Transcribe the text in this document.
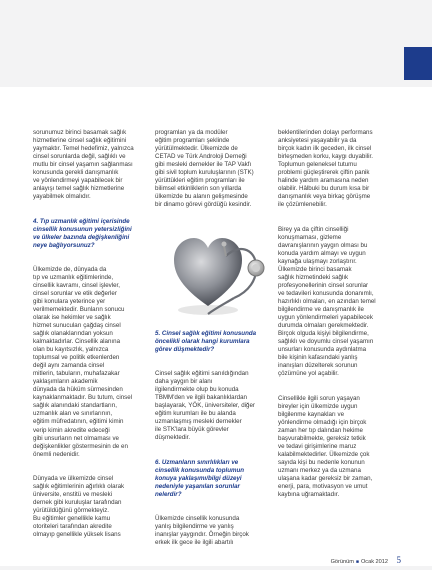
sorunumuz birinci basamak sağlık
hizmetlerine cinsel sağlık eğitimini
yaymaktır. Temel hedefimiz, yalnızca
cinsel sorunlarda değil, sağlıklı ve
mutlu bir cinsel yaşamın sağlanması
konusunda gerekli danışmanlık
ve yönlendirmeyi yapabilecek bir
anlayışı temel sağlık hizmetlerine
yayabilmek olmalıdır.

4. Tıp uzmanlık eğitimi içerisinde
cinsellik konusunun yetersizliğini
ve ülkeler bazında değişkenliğini
neye bağlıyorsunuz?

Ülkemizde de, dünyada da
tıp ve uzmanlık eğitimlerinde,
cinsellik kavramı, cinsel işlevler,
cinsel sorunlar ve etik değerler
gibi konulara yeterince yer
verilmemektedir. Bunların sonucu
olarak ise hekimler ve sağlık
hizmet sunucuları çağdaş cinsel
sağlık olanaklarından yoksun
kalmaktadırlar. Cinsellik alanına
olan bu kayıtsızlık, yalnızca
toplumsal ve politik etkenlerden
değil aynı zamanda cinsel
mitlerin, tabuların, muhafazakar
yaklaşımların akademik
dünyada da hüküm sürmesinden
kaynaklanmaktadır. Bu tutum, cinsel
sağlık alanındaki standartların,
uzmanlık alan ve sınırlarının,
eğitim müfredatının, eğitimi kimin
verip kimin akredite edeceği
gibi unsurların net olmaması ve
değişkenlikler göstermesinin de en
önemli nedenidir.

Dünyada ve ülkemizde cinsel
sağlık eğitimlerinin ağırlıklı olarak
üniversite, enstitü ve mesleki
dernek gibi kuruluşlar tarafından
yürütüldüğünü görmekteyiz.
Bu eğitimler genellikle kamu
otoriteleri tarafından akredite
olmayıp genellikle yüksek lisans

programları ya da modüler
eğitim programları şeklinde
yürütülmektedir. Ülkemizde de
CETAD ve Türk Androloji Derneği
gibi mesleki dernekler ile TAP Vakfı
gibi sivil toplum kuruluşlarının (STK)
yürüttükleri eğitim programları ile
bilimsel etkinliklerin son yıllarda
ülkemizde bu alanın gelişmesinde
bir dinamo görevi gördüğü kesindir.

5. Cinsel sağlık eğitimi konusunda
öncelikli olarak hangi kurumlara
görev düşmektedir?

Cinsel sağlık eğitimi sanıldığından
daha yaygın bir alanı
ilgilendirmekte olup bu konuda
TBMM'den ve ilgili bakanlıklardan
başlayarak, YÖK, üniversiteler, diğer
eğitim kurumları ile bu alanda
uzmanlaşmış mesleki dernekler
ile STK'lara büyük görevler
düşmektedir.

6. Uzmanların sınırlılıkları ve
cinsellik konusunda toplumun
konuya yaklaşımı/bilgi düzeyi
nedeniyle yaşanılan sorunlar
nelerdir?

Ülkemizde cinsellik konusunda
yanlış bilgilendirme ve yanlış
inanışlar yaygındır. Örneğin birçok
erkek ilk gece ile ilgili abartılı

beklentilerinden dolayı performans
anksiyetesi yaşayabilir ya da
birçok kadın ilk geceden, ilk cinsel
birleşmeden korku, kaygı duyabilir.
Toplumun geleneksel tutumu
problemi güçleştirerek çiftin panik
halinde yardım aramasına neden
olabilir. Hâlbuki bu durum kısa bir
danışmanlık veya birkaç görüşme
ile çözümlenebilir.

Birey ya da çiftin cinselliği
konuşmaması, gizleme
davranışlarının yaygın olması bu
konuda yardım almayı ve uygun
kaynağa ulaşmayı zorlaştırır.
Ülkemizde birinci basamak
sağlık hizmetindeki sağlık
profesyonellerinin cinsel sorunlar
ve tedavileri konusunda donanımlı,
hazırlıklı olmaları, en azından temel
bilgilendirme ve danışmanlık ile
uygun yönlendirmeleri yapabilecek
durumda olmaları gerekmektedir.
Birçok olguda kişiyi bilgilendirme,
sağlıklı ve doyumlu cinsel yaşamın
unsurları konusunda aydınlatma
bile kişinin kafasındaki yanlış
inanışları düzelterek sorunun
çözümüne yol açabilir.

Cinsellikle ilgili sorun yaşayan
bireyler için ülkemizde uygun
bilgilenme kaynakları ve
yönlendirme olmadığı için birçok
zaman her tıp dalından hekime
başvurabilmekte, gereksiz tetkik
ve tedavi girişimlerine maruz
kalabilmektedirler. Ülkemizde çok
sayıda kişi bu nedenle konunun
uzmanı merkez ya da uzmana
ulaşana kadar gereksiz bir zaman,
enerji, para, motivasyon ve umut
kaybına uğramaktadır.

Görünüm ■ Ocak 2012 5
